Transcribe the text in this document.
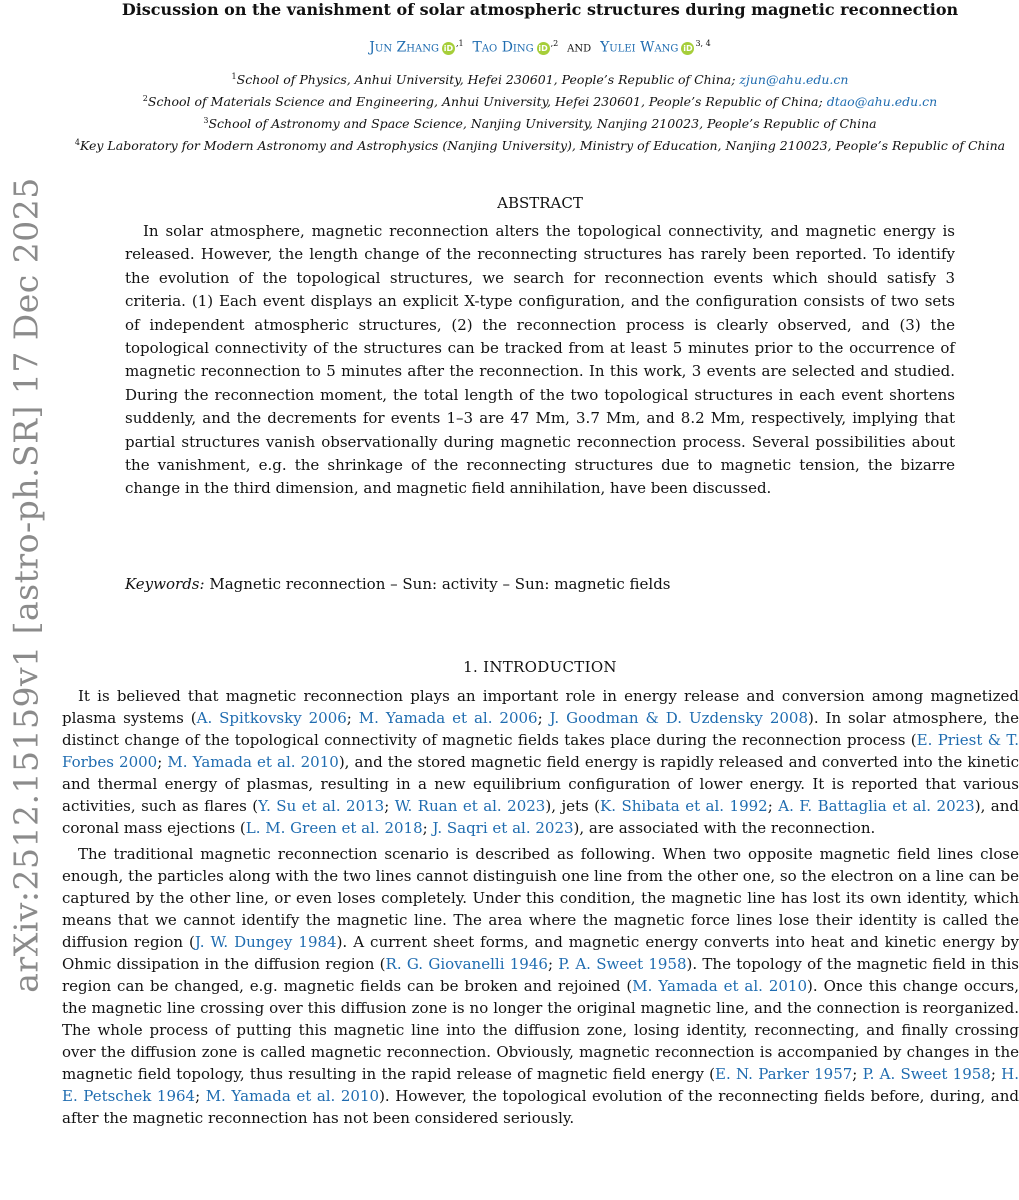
arXiv:2512.15159v1 [astro-ph.SR] 17 Dec 2025
Discussion on the vanishment of solar atmospheric structures during magnetic reconnection
Jun Zhang $iD^{,1}$ Tao Ding $iD^{,2}$ and Yulei Wang iD$^{3, 4}$
$^1$School of Physics, Anhui University, Hefei 230601, People’s Republic of China; zjun@ahu.edu.cn
$^2$School of Materials Science and Engineering, Anhui University, Hefei 230601, People’s Republic of China; dtao@ahu.edu.cn
$^3$School of Astronomy and Space Science, Nanjing University, Nanjing 210023, People’s Republic of China
$^4$Key Laboratory for Modern Astronomy and Astrophysics (Nanjing University), Ministry of Education, Nanjing 210023, People’s Republic of China
ABSTRACT

In solar atmosphere, magnetic reconnection alters the topological connectivity, and magnetic energy is released. However, the length change of the reconnecting structures has rarely been reported. To identify the evolution of the topological structures, we search for reconnection events which should satisfy 3 criteria. (1) Each event displays an explicit X-type configuration, and the configuration consists of two sets of independent atmospheric structures, (2) the reconnection process is clearly observed, and (3) the topological connectivity of the structures can be tracked from at least 5 minutes prior to the occurrence of magnetic reconnection to 5 minutes after the reconnection. In this work, 3 events are selected and studied. During the reconnection moment, the total length of the two topological structures in each event shortens suddenly, and the decrements for events 1–3 are 47 Mm, 3.7 Mm, and 8.2 Mm, respectively, implying that partial structures vanish observationally during magnetic reconnection process. Several possibilities about the vanishment, e.g. the shrinkage of the reconnecting structures due to magnetic tension, the bizarre change in the third dimension, and magnetic field annihilation, have been discussed.

Keywords: Magnetic reconnection – Sun: activity – Sun: magnetic fields
1. INTRODUCTION

It is believed that magnetic reconnection plays an important role in energy release and conversion among magnetized plasma systems (A. Spitkovsky 2006; M. Yamada et al. 2006; J. Goodman & D. Uzdensky 2008). In solar atmosphere, the distinct change of the topological connectivity of magnetic fields takes place during the reconnection process (E. Priest & T. Forbes 2000; M. Yamada et al. 2010), and the stored magnetic field energy is rapidly released and converted into the kinetic and thermal energy of plasmas, resulting in a new equilibrium configuration of lower energy. It is reported that various activities, such as flares (Y. Su et al. 2013; W. Ruan et al. 2023), jets (K. Shibata et al. 1992; A. F. Battaglia et al. 2023), and coronal mass ejections (L. M. Green et al. 2018; J. Saqri et al. 2023), are associated with the reconnection.

The traditional magnetic reconnection scenario is described as following. When two opposite magnetic field lines close enough, the particles along with the two lines cannot distinguish one line from the other one, so the electron on a line can be captured by the other line, or even loses completely. Under this condition, the magnetic line has lost its own identity, which means that we cannot identify the magnetic line. The area where the magnetic force lines lose their identity is called the diffusion region (J. W. Dungey 1984). A current sheet forms, and magnetic energy converts into heat and kinetic energy by Ohmic dissipation in the diffusion region (R. G. Giovanelli 1946; P. A. Sweet 1958). The topology of the magnetic field in this region can be changed, e.g. magnetic fields can be broken and rejoined (M. Yamada et al. 2010). Once this change occurs, the magnetic line crossing over this diffusion zone is no longer the original magnetic line, and the connection is reorganized. The whole process of putting this magnetic line into the diffusion zone, losing identity, reconnecting, and finally crossing over the diffusion zone is called magnetic reconnection. Obviously, magnetic reconnection is accompanied by changes in the magnetic field topology, thus resulting in the rapid release of magnetic field energy (E. N. Parker 1957; P. A. Sweet 1958; H. E. Petschek 1964; M. Yamada et al. 2010). However, the topological evolution of the reconnecting fields before, during, and after the magnetic reconnection has not been considered seriously.
